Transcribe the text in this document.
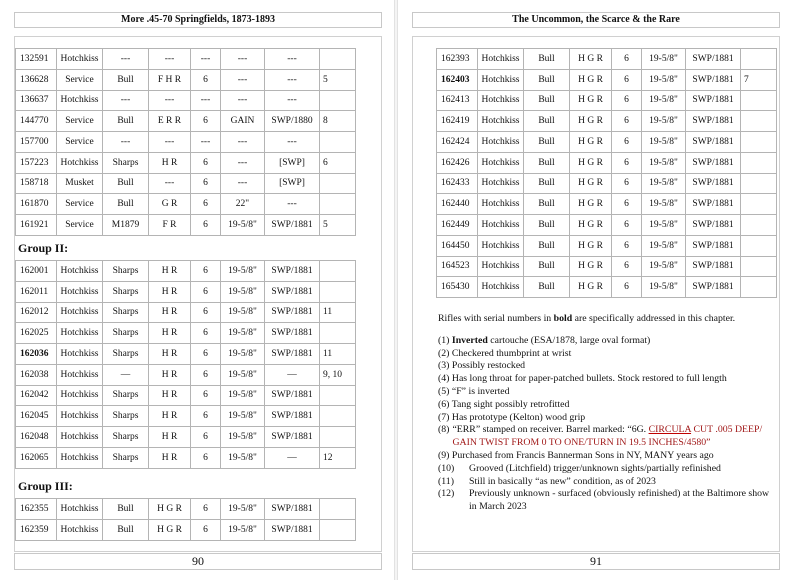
More .45-70 Springfields, 1873-1893
90
The Uncommon, the Scarce & the Rare
91
132591	Hotchkiss	---	---	---	---	---	
136628	Service	Bull	F H R	6	---	---	5
136637	Hotchkiss	---	---	---	---	---	
144770	Service	Bull	E R R	6	GAIN	SWP/1880	8
157700	Service	---	---	---	---	---	
157223	Hotchkiss	Sharps	H R	6	---	[SWP]	6
158718	Musket	Bull	---	6	---	[SWP]	
161870	Service	Bull	G R	6	22"	---	
161921	Service	M1879	F R	6	19-5/8"	SWP/1881	5
Group II:
162001	Hotchkiss	Sharps	H R	6	19-5/8"	SWP/1881	
162011	Hotchkiss	Sharps	H R	6	19-5/8"	SWP/1881	
162012	Hotchkiss	Sharps	H R	6	19-5/8"	SWP/1881	11
162025	Hotchkiss	Sharps	H R	6	19-5/8"	SWP/1881	
162036	Hotchkiss	Sharps	H R	6	19-5/8"	SWP/1881	11
162038	Hotchkiss	—	H R	6	19-5/8"	—	9, 10
162042	Hotchkiss	Sharps	H R	6	19-5/8"	SWP/1881	
162045	Hotchkiss	Sharps	H R	6	19-5/8"	SWP/1881	
162048	Hotchkiss	Sharps	H R	6	19-5/8"	SWP/1881	
162065	Hotchkiss	Sharps	H R	6	19-5/8"	—	12
Group III:
162355	Hotchkiss	Bull	H G R	6	19-5/8"	SWP/1881	
162359	Hotchkiss	Bull	H G R	6	19-5/8"	SWP/1881	
162393	Hotchkiss	Bull	H G R	6	19-5/8"	SWP/1881	
162403	Hotchkiss	Bull	H G R	6	19-5/8"	SWP/1881	7
162413	Hotchkiss	Bull	H G R	6	19-5/8"	SWP/1881	
162419	Hotchkiss	Bull	H G R	6	19-5/8"	SWP/1881	
162424	Hotchkiss	Bull	H G R	6	19-5/8"	SWP/1881	
162426	Hotchkiss	Bull	H G R	6	19-5/8"	SWP/1881	
162433	Hotchkiss	Bull	H G R	6	19-5/8"	SWP/1881	
162440	Hotchkiss	Bull	H G R	6	19-5/8"	SWP/1881	
162449	Hotchkiss	Bull	H G R	6	19-5/8"	SWP/1881	
164450	Hotchkiss	Bull	H G R	6	19-5/8"	SWP/1881	
164523	Hotchkiss	Bull	H G R	6	19-5/8"	SWP/1881	
165430	Hotchkiss	Bull	H G R	6	19-5/8"	SWP/1881	
Rifles with serial numbers in bold are specifically addressed in this chapter.
(1) Inverted cartouche (ESA/1878, large oval format)
(2) Checkered thumbprint at wrist
(3) Possibly restocked
(4) Has long throat for paper-patched bullets. Stock restored to full length
(5) “F” is inverted
(6) Tang sight possibly retrofitted
(7) Has prototype (Kelton) wood grip
(8) “ERR” stamped on receiver. Barrel marked: “6G. CIRCULA CUT .005 DEEP/
GAIN TWIST FROM 0 TO ONE/TURN IN 19.5 INCHES/4580”
(9) Purchased from Francis Bannerman Sons in NY, MANY years ago
(10)	Grooved (Litchfield) trigger/unknown sights/partially refinished
(11)	Still in basically “as new” condition, as of 2023
(12)	Previously unknown - surfaced (obviously refinished) at the Baltimore show in March 2023
